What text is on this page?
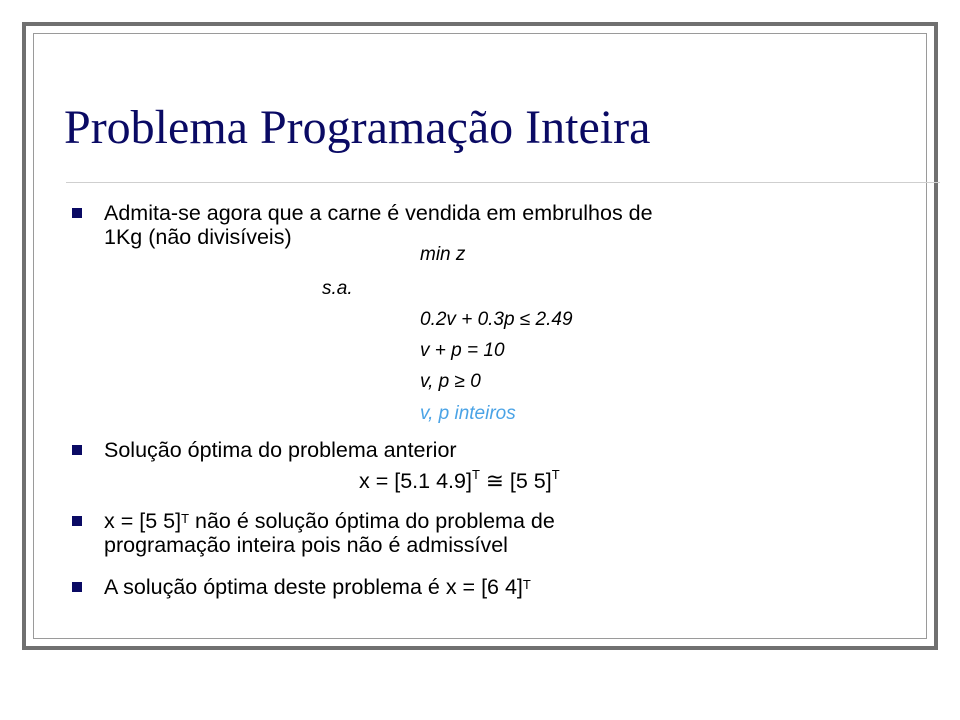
Problema Programação Inteira
Admita-se agora que a carne é vendida em embrulhos de
1Kg (não divisíveis)
min z
s.a.
0.2v + 0.3p ≤ 2.49
v + p = 10
v, p ≥ 0
v, p inteiros
Solução óptima do problema anterior
x = [5.1 4.9]$^T$ ≅ [5 5]$^T$
x = [5 5]$^T$ não é solução óptima do problema de
programação inteira pois não é admissível
A solução óptima deste problema é x = [6 4]$^T$
